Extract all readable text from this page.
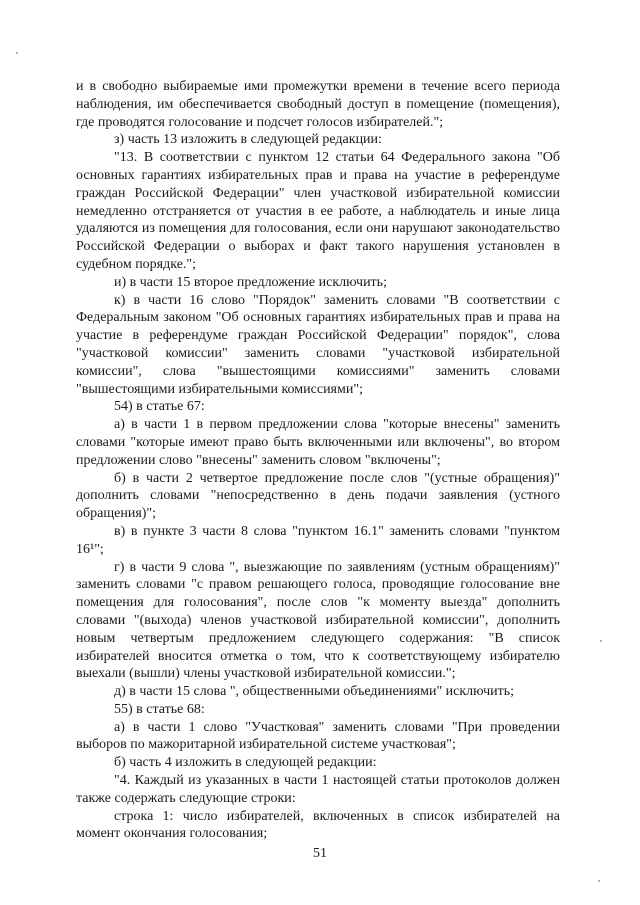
и в свободно выбираемые ими промежутки времени в течение всего периода наблюдения, им обеспечивается свободный доступ в помещение (помещения), где проводятся голосование и подсчет голосов избирателей.";

з) часть 13 изложить в следующей редакции:

"13. В соответствии с пунктом 12 статьи 64 Федерального закона "Об основных гарантиях избирательных прав и права на участие в референдуме граждан Российской Федерации" член участковой избирательной комиссии немедленно отстраняется от участия в ее работе, а наблюдатель и иные лица удаляются из помещения для голосования, если они нарушают законодательство Российской Федерации о выборах и факт такого нарушения установлен в судебном порядке.";

и) в части 15 второе предложение исключить;

к) в части 16 слово "Порядок" заменить словами "В соответствии с Федеральным законом "Об основных гарантиях избирательных прав и права на участие в референдуме граждан Российской Федерации" порядок", слова "участковой комиссии" заменить словами "участковой избирательной комиссии", слова "вышестоящими комиссиями" заменить словами "вышестоящими избирательными комиссиями";

54) в статье 67:

а) в части 1 в первом предложении слова "которые внесены" заменить словами "которые имеют право быть включенными или включены", во втором предложении слово "внесены" заменить словом "включены";

б) в части 2 четвертое предложение после слов "(устные обращения)" дополнить словами "непосредственно в день подачи заявления (устного обращения)";

в) в пункте 3 части 8 слова "пунктом 16.1" заменить словами "пунктом 16¹";

г) в части 9 слова ", выезжающие по заявлениям (устным обращениям)" заменить словами "с правом решающего голоса, проводящие голосование вне помещения для голосования", после слов "к моменту выезда" дополнить словами "(выхода) членов участковой избирательной комиссии", дополнить новым четвертым предложением следующего содержания: "В список избирателей вносится отметка о том, что к соответствующему избирателю выехали (вышли) члены участковой избирательной комиссии.";

д) в части 15 слова ", общественными объединениями" исключить;

55) в статье 68:

а) в части 1 слово "Участковая" заменить словами "При проведении выборов по мажоритарной избирательной системе участковая";

б) часть 4 изложить в следующей редакции:

"4. Каждый из указанных в части 1 настоящей статьи протоколов должен также содержать следующие строки:

строка 1: число избирателей, включенных в список избирателей на момент окончания голосования;

51
